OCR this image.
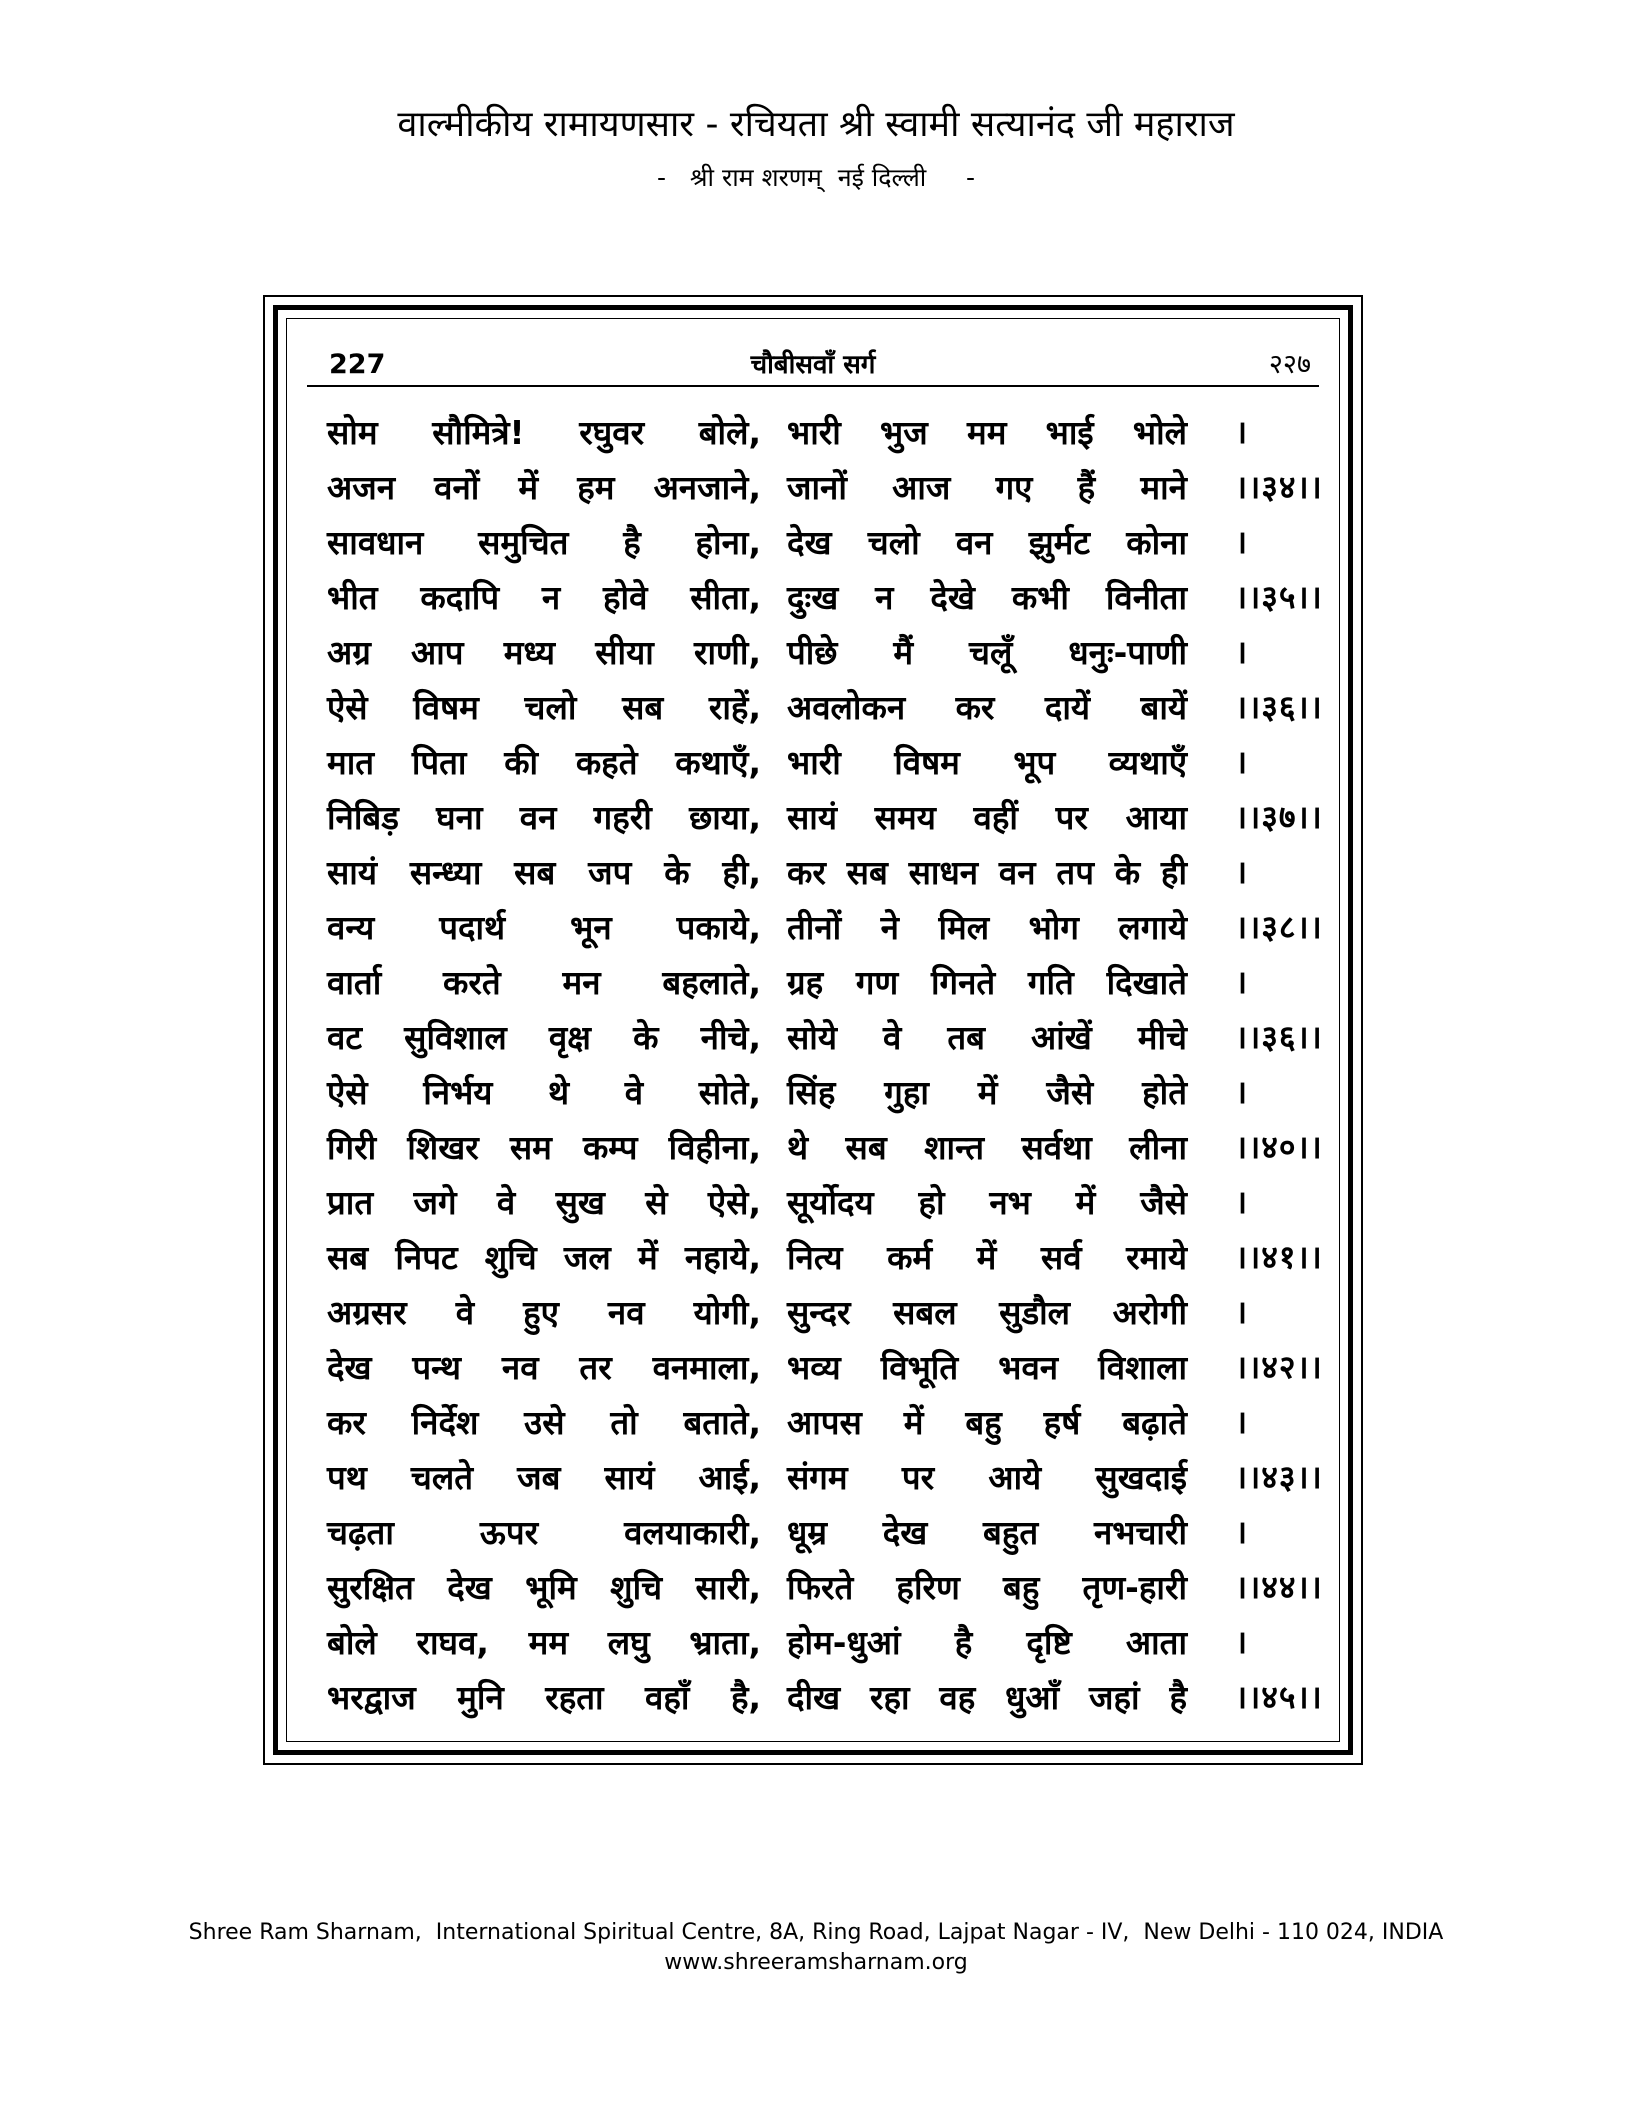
वाल्मीकीय रामायणसार - रचियता श्री स्वामी सत्यानंद जी महाराज
-   श्री राम शरणम्  नई दिल्ली     -
227	चौबीसवाँ सर्ग	२२७
सोम सौमित्रे! रघुवर बोले, भारी भुज मम भाई भोले ।
अजन वनों में हम अनजाने, जानों आज गए हैं माने ।।३४।।
सावधान समुचित है होना, देख चलो वन झुर्मट कोना ।
भीत कदापि न होवे सीता, दुःख न देखे कभी विनीता ।।३५।।
अग्र आप मध्य सीया राणी, पीछे मैं चलूँ धनुः-पाणी ।
ऐसे विषम चलो सब राहें, अवलोकन कर दायें बायें ।।३६।।
मात पिता की कहते कथाएँ, भारी विषम भूप व्यथाएँ ।
निबिड़ घना वन गहरी छाया, सायं समय वहीं पर आया ।।३७।।
सायं सन्ध्या सब जप के ही, कर सब साधन वन तप के ही ।
वन्य पदार्थ भून पकाये, तीनों ने मिल भोग लगाये ।।३८।।
वार्ता करते मन बहलाते, ग्रह गण गिनते गति दिखाते ।
वट सुविशाल वृक्ष के नीचे, सोये वे तब आंखें मीचे ।।३६।।
ऐसे निर्भय थे वे सोते, सिंह गुहा में जैसे होते ।
गिरी शिखर सम कम्प विहीना, थे सब शान्त सर्वथा लीना ।।४०।।
प्रात जगे वे सुख से ऐसे, सूर्योदय हो नभ में जैसे ।
सब निपट शुचि जल में नहाये, नित्य कर्म में सर्व रमाये ।।४१।।
अग्रसर वे हुए नव योगी, सुन्दर सबल सुडौल अरोगी ।
देख पन्थ नव तर वनमाला, भव्य विभूति भवन विशाला ।।४२।।
कर निर्देश उसे तो बताते, आपस में बहु हर्ष बढ़ाते ।
पथ चलते जब सायं आई, संगम पर आये सुखदाई ।।४३।।
चढ़ता ऊपर वलयाकारी, धूम्र देख बहुत नभचारी ।
सुरक्षित देख भूमि शुचि सारी, फिरते हरिण बहु तृण-हारी ।।४४।।
बोले राघव, मम लघु भ्राता, होम-धुआं है दृष्टि आता ।
भरद्वाज मुनि रहता वहाँ है, दीख रहा वह धुआँ जहां है ।।४५।।
Shree Ram Sharnam,  International Spiritual Centre, 8A, Ring Road, Lajpat Nagar - IV,  New Delhi - 110 024, INDIA
www.shreeramsharnam.org
